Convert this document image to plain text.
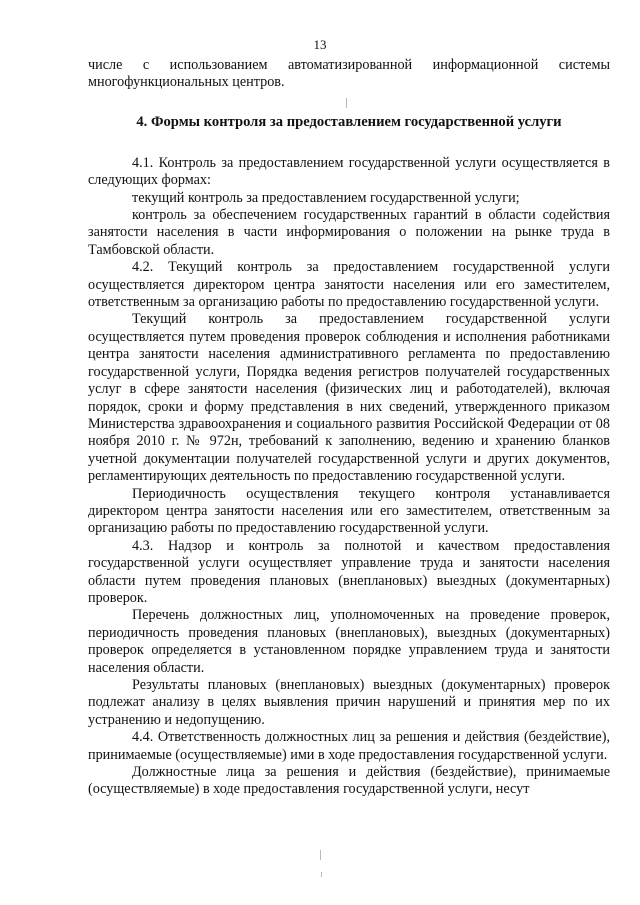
13

числе с использованием автоматизированной информационной системы многофункциональных центров.

4. Формы контроля за предоставлением государственной услуги

4.1. Контроль за предоставлением государственной услуги осуществляется в следующих формах:

текущий контроль за предоставлением государственной услуги;

контроль за обеспечением государственных гарантий в области содействия занятости населения в части информирования о положении на рынке труда в Тамбовской области.

4.2. Текущий контроль за предоставлением государственной услуги осуществляется директором центра занятости населения или его заместителем, ответственным за организацию работы по предоставлению государственной услуги.

Текущий контроль за предоставлением государственной услуги осуществляется путем проведения проверок соблюдения и исполнения работниками центра занятости населения административного регламента по предоставлению государственной услуги, Порядка ведения регистров получателей государственных услуг в сфере занятости населения (физических лиц и работодателей), включая порядок, сроки и форму представления в них сведений, утвержденного приказом Министерства здравоохранения и социального развития Российской Федерации от 08 ноября 2010 г. № 972н, требований к заполнению, ведению и хранению бланков учетной документации получателей государственной услуги и других документов, регламентирующих деятельность по предоставлению государственной услуги.

Периодичность осуществления текущего контроля устанавливается директором центра занятости населения или его заместителем, ответственным за организацию работы по предоставлению государственной услуги.

4.3. Надзор и контроль за полнотой и качеством предоставления государственной услуги осуществляет управление труда и занятости населения области путем проведения плановых (внеплановых) выездных (документарных) проверок.

Перечень должностных лиц, уполномоченных на проведение проверок, периодичность проведения плановых (внеплановых), выездных (документарных) проверок определяется в установленном порядке управлением труда и занятости населения области.

Результаты плановых (внеплановых) выездных (документарных) проверок подлежат анализу в целях выявления причин нарушений и принятия мер по их устранению и недопущению.

4.4. Ответственность должностных лиц за решения и действия (бездействие), принимаемые (осуществляемые) ими в ходе предоставления государственной услуги.

Должностные лица за решения и действия (бездействие), принимаемые (осуществляемые) в ходе предоставления государственной услуги, несут
